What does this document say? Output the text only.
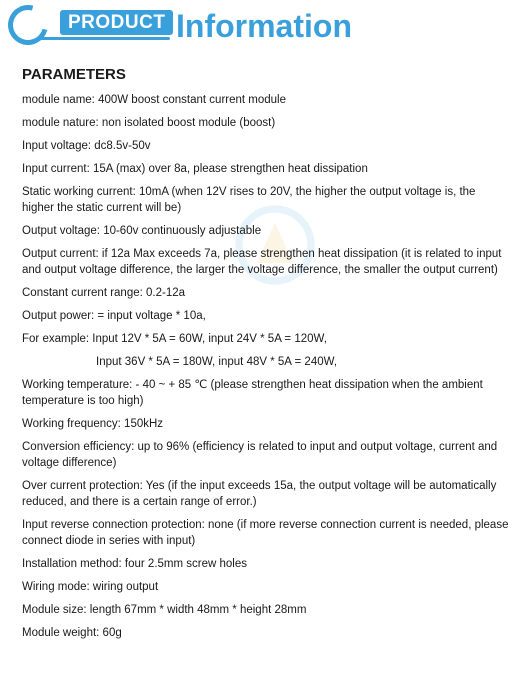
PRODUCT Information
PARAMETERS
module name: 400W boost constant current module
module nature: non isolated boost module (boost)
Input voltage: dc8.5v-50v
Input current: 15A (max) over 8a, please strengthen heat dissipation
Static working current: 10mA (when 12V rises to 20V, the higher the output voltage is, the higher the static current will be)
Output voltage: 10-60v continuously adjustable
Output current: if 12a Max exceeds 7a, please strengthen heat dissipation (it is related to input and output voltage difference, the larger the voltage difference, the smaller the output current)
Constant current range: 0.2-12a
Output power: = input voltage * 10a,
For example: Input 12V * 5A = 60W, input 24V * 5A = 120W,
Input 36V * 5A = 180W, input 48V * 5A = 240W,
Working temperature: - 40 ~ + 85 ℃ (please strengthen heat dissipation when the ambient temperature is too high)
Working frequency: 150kHz
Conversion efficiency: up to 96% (efficiency is related to input and output voltage, current and voltage difference)
Over current protection: Yes (if the input exceeds 15a, the output voltage will be automatically reduced, and there is a certain range of error.)
Input reverse connection protection: none (if more reverse connection current is needed, please connect diode in series with input)
Installation method: four 2.5mm screw holes
Wiring mode: wiring output
Module size: length 67mm * width 48mm * height 28mm
Module weight: 60g
